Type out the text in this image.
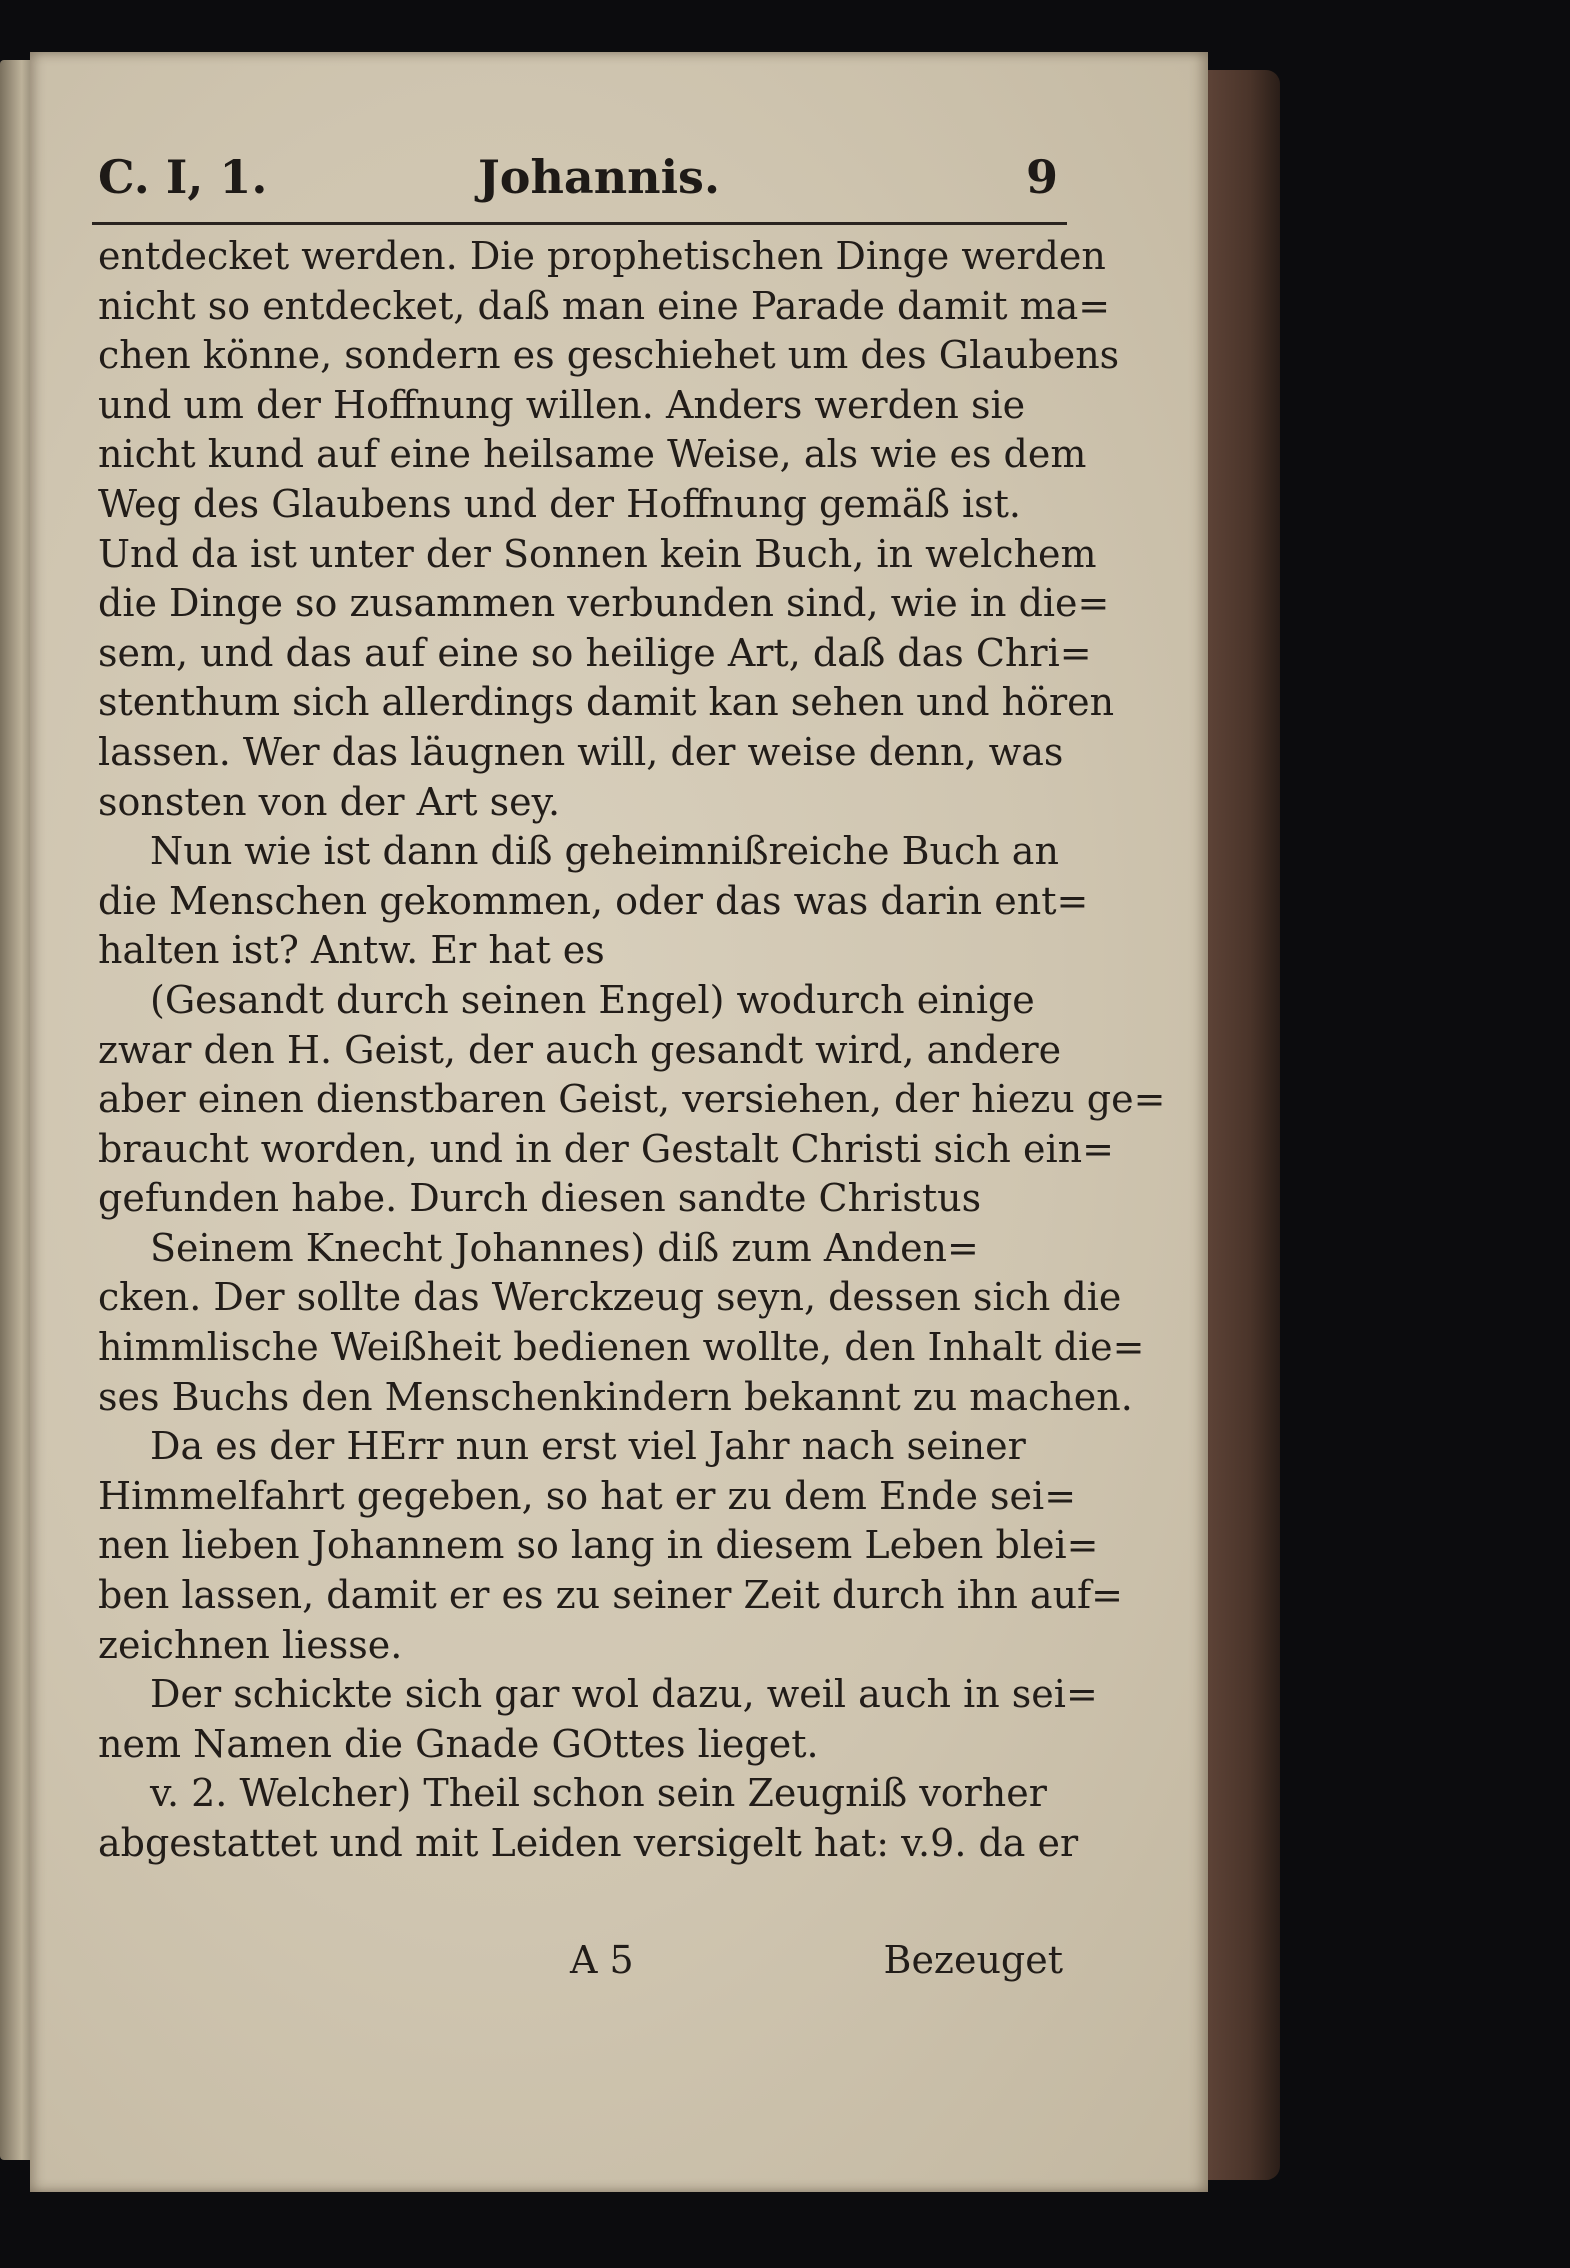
C. I, 1.	Johannis.	9
entdecket werden. Die prophetischen Dinge werden
nicht so entdecket, daß man eine Parade damit ma=
chen könne, sondern es geschiehet um des Glaubens
und um der Hoffnung willen. Anders werden sie
nicht kund auf eine heilsame Weise, als wie es dem
Weg des Glaubens und der Hoffnung gemäß ist.
Und da ist unter der Sonnen kein Buch, in welchem
die Dinge so zusammen verbunden sind, wie in die=
sem, und das auf eine so heilige Art, daß das Chri=
stenthum sich allerdings damit kan sehen und hören
lassen. Wer das läugnen will, der weise denn, was
sonsten von der Art sey.
Nun wie ist dann diß geheimnißreiche Buch an
die Menschen gekommen, oder das was darin ent=
halten ist? Antw. Er hat es
(Gesandt durch seinen Engel) wodurch einige
zwar den H. Geist, der auch gesandt wird, andere
aber einen dienstbaren Geist, versiehen, der hiezu ge=
braucht worden, und in der Gestalt Christi sich ein=
gefunden habe. Durch diesen sandte Christus
Seinem Knecht Johannes) diß zum Anden=
cken. Der sollte das Werckzeug seyn, dessen sich die
himmlische Weißheit bedienen wollte, den Inhalt die=
ses Buchs den Menschenkindern bekannt zu machen.
Da es der HErr nun erst viel Jahr nach seiner
Himmelfahrt gegeben, so hat er zu dem Ende sei=
nen lieben Johannem so lang in diesem Leben blei=
ben lassen, damit er es zu seiner Zeit durch ihn auf=
zeichnen liesse.
Der schickte sich gar wol dazu, weil auch in sei=
nem Namen die Gnade GOttes lieget.
v. 2. Welcher) Theil schon sein Zeugniß vorher
abgestattet und mit Leiden versigelt hat: v.9. da er
A 5	Bezeuget
